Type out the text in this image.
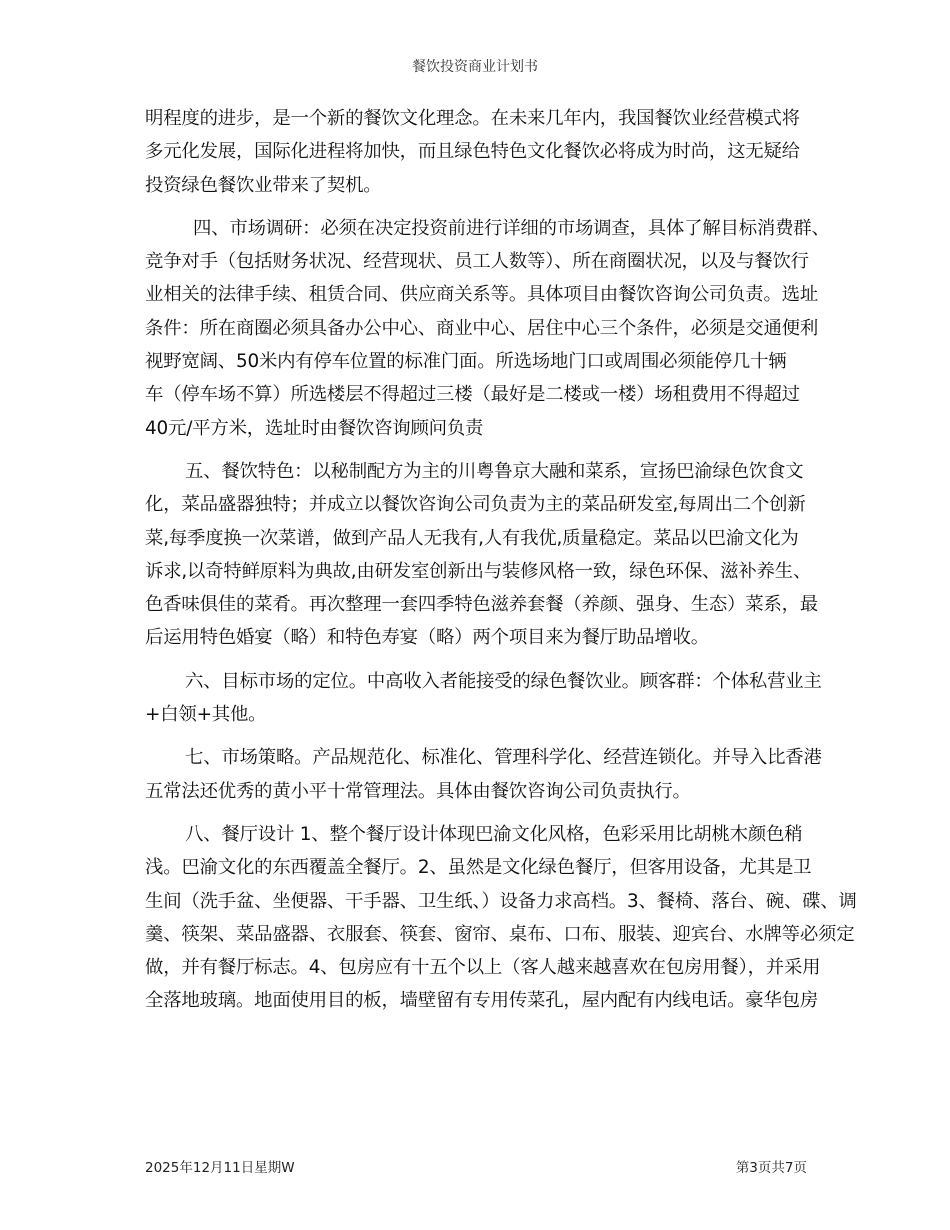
餐饮投资商业计划书

明程度的进步，是一个新的餐饮文化理念。在未来几年内，我国餐饮业经营模式将
多元化发展，国际化进程将加快，而且绿色特色文化餐饮必将成为时尚，这无疑给
投资绿色餐饮业带来了契机。

四、市场调研：必须在决定投资前进行详细的市场调查，具体了解目标消费群、
竞争对手（包括财务状况、经营现状、员工人数等）、所在商圈状况，以及与餐饮行
业相关的法律手续、租赁合同、供应商关系等。具体项目由餐饮咨询公司负责。选址
条件：所在商圈必须具备办公中心、商业中心、居住中心三个条件，必须是交通便利
视野宽阔、50米内有停车位置的标准门面。所选场地门口或周围必须能停几十辆
车（停车场不算）所选楼层不得超过三楼（最好是二楼或一楼）场租费用不得超过
40元/平方米，选址时由餐饮咨询顾问负责

五、餐饮特色：以秘制配方为主的川粤鲁京大融和菜系，宣扬巴渝绿色饮食文
化，菜品盛器独特；并成立以餐饮咨询公司负责为主的菜品研发室,每周出二个创新
菜,每季度换一次菜谱，做到产品人无我有,人有我优,质量稳定。菜品以巴渝文化为
诉求,以奇特鲜原料为典故,由研发室创新出与装修风格一致，绿色环保、滋补养生、
色香味俱佳的菜肴。再次整理一套四季特色滋养套餐（养颜、强身、生态）菜系，最
后运用特色婚宴（略）和特色寿宴（略）两个项目来为餐厅助品增收。

六、目标市场的定位。中高收入者能接受的绿色餐饮业。顾客群：个体私营业主
+白领+其他。

七、市场策略。产品规范化、标准化、管理科学化、经营连锁化。并导入比香港
五常法还优秀的黄小平十常管理法。具体由餐饮咨询公司负责执行。

八、餐厅设计 1、整个餐厅设计体现巴渝文化风格，色彩采用比胡桃木颜色稍
浅。巴渝文化的东西覆盖全餐厅。2、虽然是文化绿色餐厅，但客用设备，尤其是卫
生间（洗手盆、坐便器、干手器、卫生纸、）设备力求高档。3、餐椅、落台、碗、碟、调
羹、筷架、菜品盛器、衣服套、筷套、窗帘、桌布、口布、服装、迎宾台、水牌等必须定
做，并有餐厅标志。4、包房应有十五个以上（客人越来越喜欢在包房用餐），并采用
全落地玻璃。地面使用目的板，墙壁留有专用传菜孔，屋内配有内线电话。豪华包房

2025年12月11日星期W	第3页共7页
